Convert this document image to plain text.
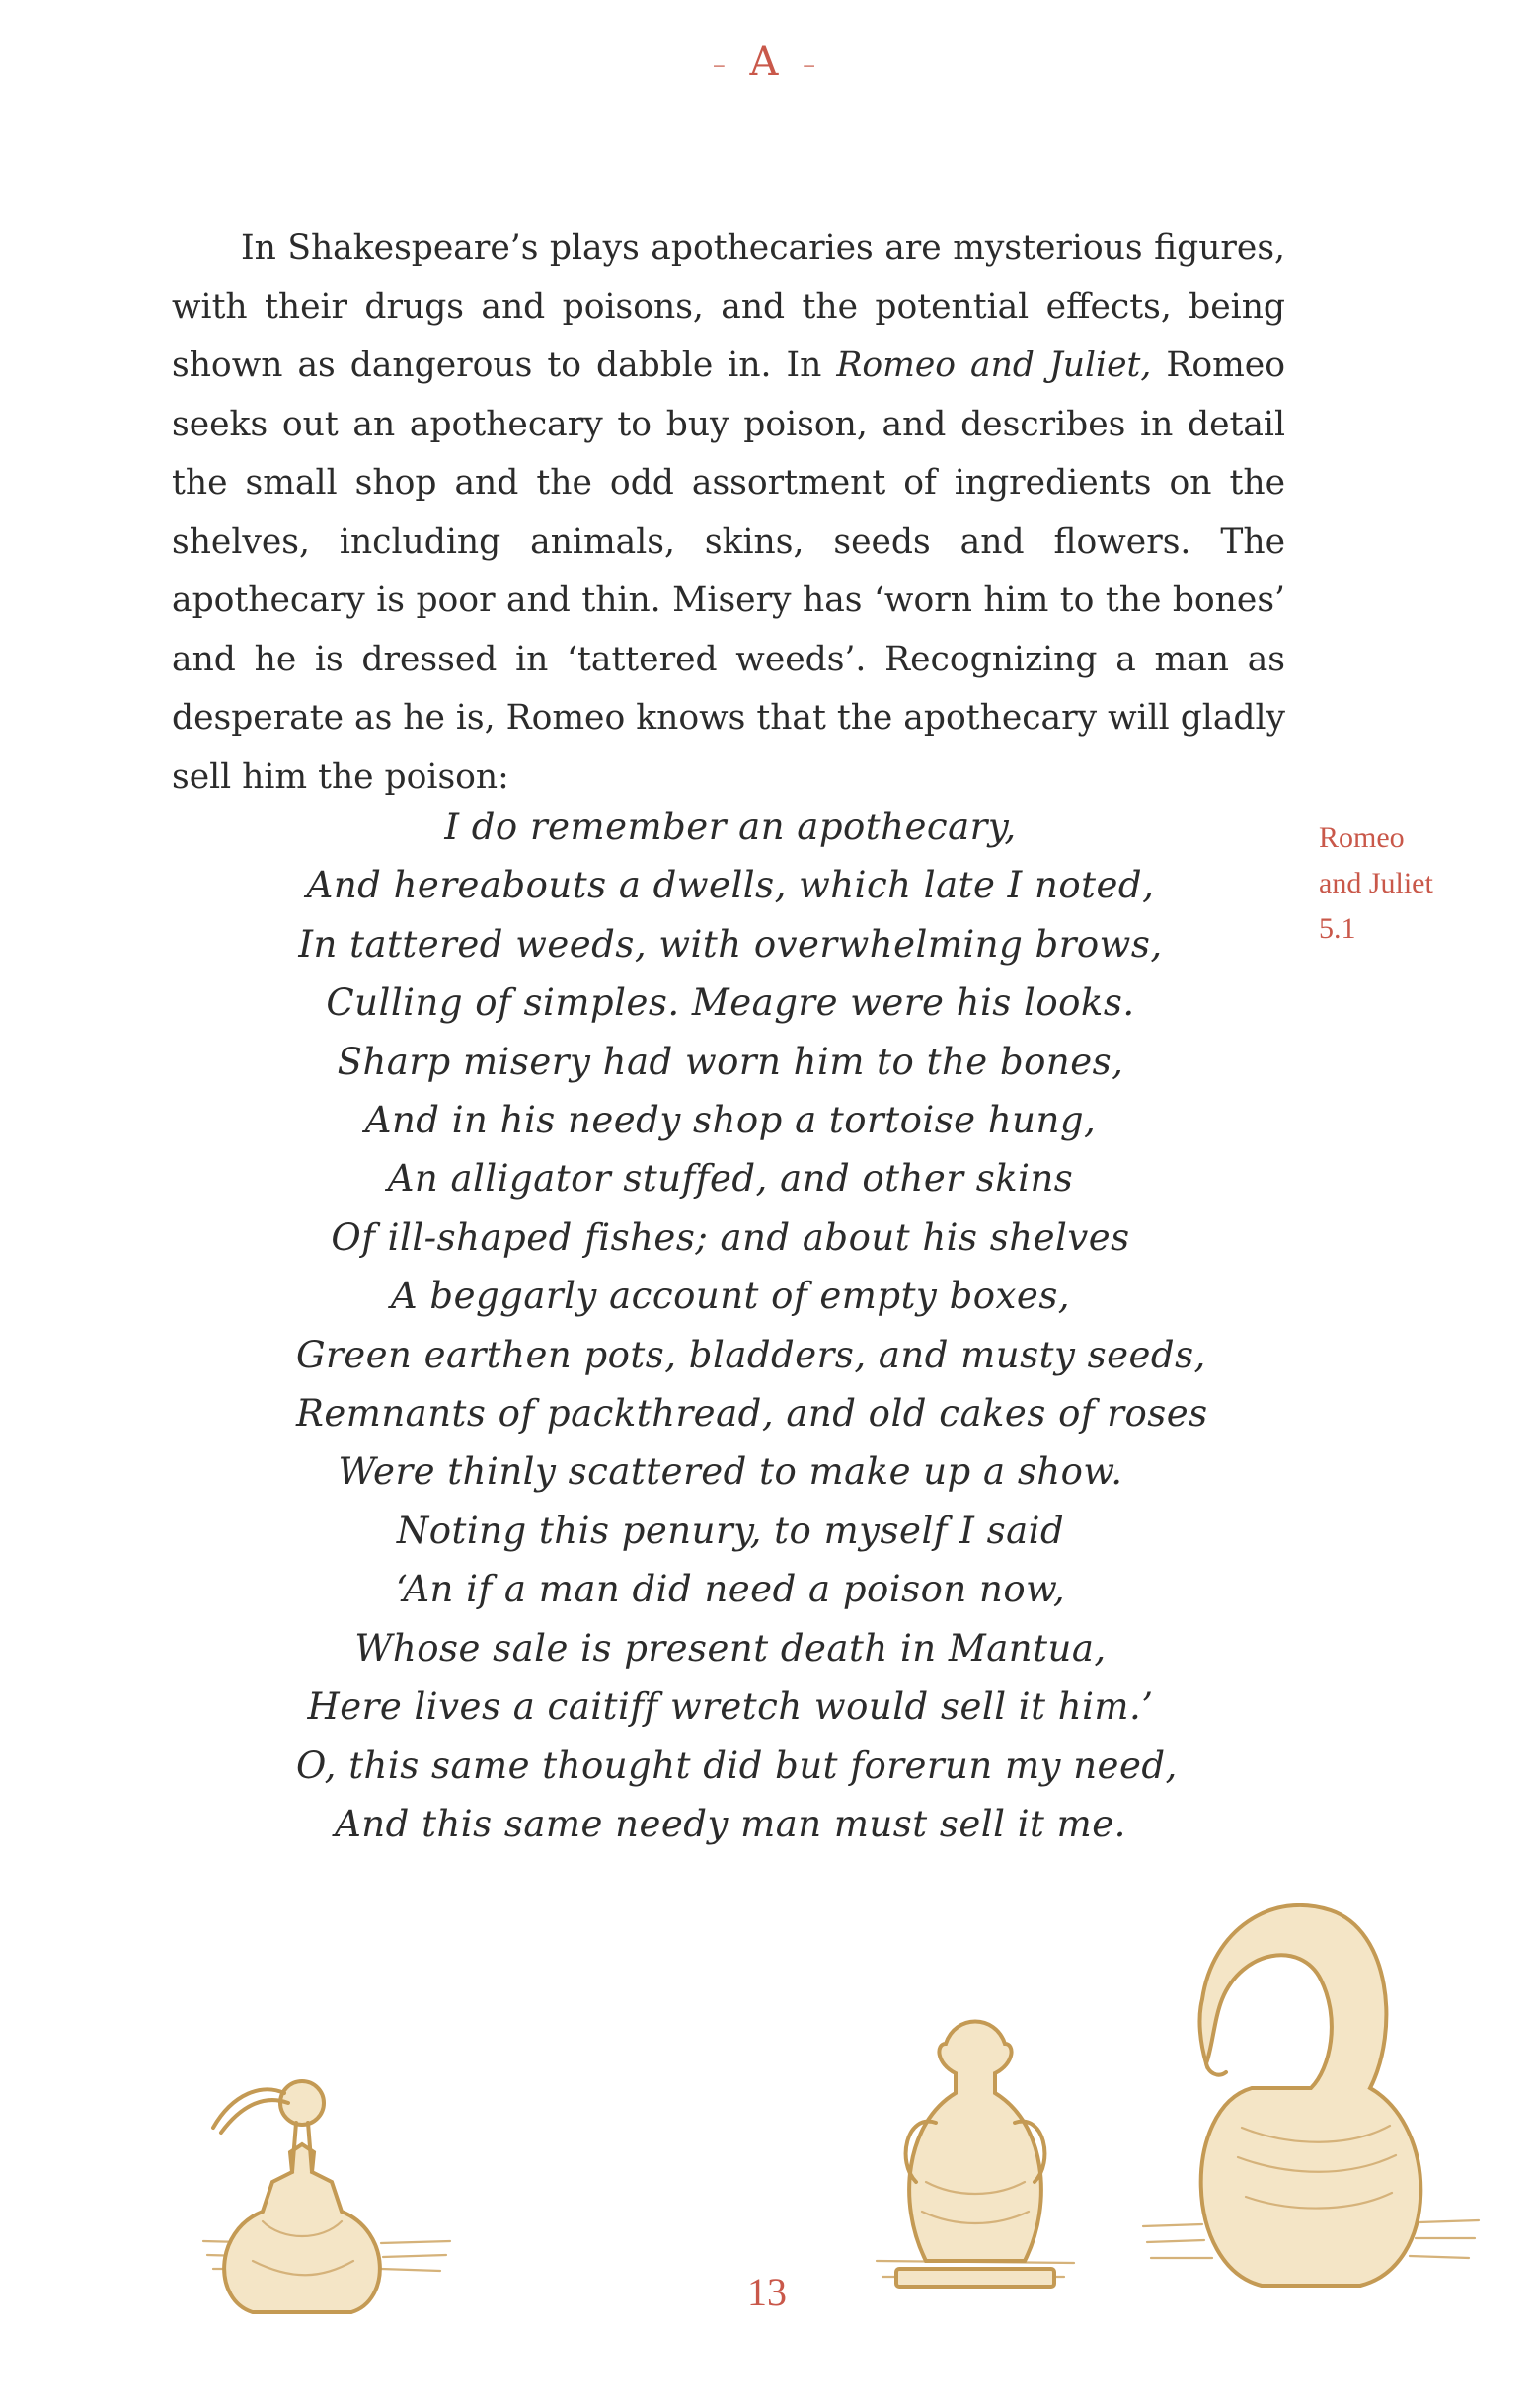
– A –

In Shakespeare’s plays apothecaries are mysterious figures, with their drugs and poisons, and the potential effects, being shown as dangerous to dabble in. In Romeo and Juliet, Romeo seeks out an apothecary to buy poison, and describes in detail the small shop and the odd assortment of ingredients on the shelves, including animals, skins, seeds and flowers. The apothecary is poor and thin. Misery has ‘worn him to the bones’ and he is dressed in ‘tattered weeds’. Recognizing a man as desperate as he is, Romeo knows that the apothecary will gladly sell him the poison:

I do remember an apothecary,
And hereabouts a dwells, which late I noted,
In tattered weeds, with overwhelming brows,
Culling of simples. Meagre were his looks.
Sharp misery had worn him to the bones,
And in his needy shop a tortoise hung,
An alligator stuffed, and other skins
Of ill-shaped fishes; and about his shelves
A beggarly account of empty boxes,
Green earthen pots, bladders, and musty seeds,
Remnants of packthread, and old cakes of roses
Were thinly scattered to make up a show.
Noting this penury, to myself I said
‘An if a man did need a poison now,
Whose sale is present death in Mantua,
Here lives a caitiff wretch would sell it him.’
O, this same thought did but forerun my need,
And this same needy man must sell it me.
Romeo
and Juliet
5.1
13
